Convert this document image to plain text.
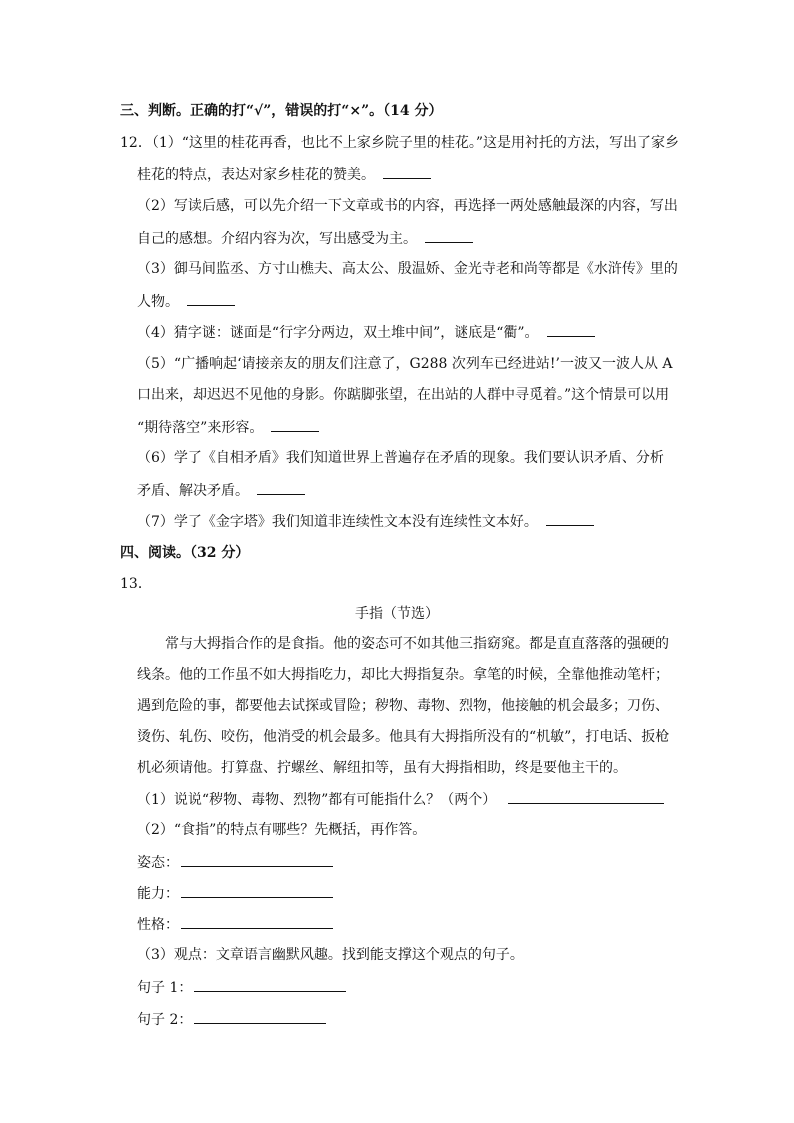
三、判断。正确的打“√”，错误的打“×”。（14 分）
12．（1）“这里的桂花再香，也比不上家乡院子里的桂花。”这是用衬托的方法，写出了家乡
桂花的特点，表达对家乡桂花的赞美。
（2）写读后感，可以先介绍一下文章或书的内容，再选择一两处感触最深的内容，写出
自己的感想。介绍内容为次，写出感受为主。
（3）御马间监丞、方寸山樵夫、高太公、殷温娇、金光寺老和尚等都是《水浒传》里的
人物。
（4）猜字谜：谜面是“行字分两边，双土堆中间”，谜底是“衢”。
（5）“广播响起‘请接亲友的朋友们注意了，G288 次列车已经进站!’一波又一波人从 A
口出来，却迟迟不见他的身影。你踮脚张望，在出站的人群中寻觅着。”这个情景可以用
“期待落空”来形容。
（6）学了《自相矛盾》我们知道世界上普遍存在矛盾的现象。我们要认识矛盾、分析
矛盾、解决矛盾。
（7）学了《金字塔》我们知道非连续性文本没有连续性文本好。
四、阅读。（32 分）
13．
手指（节选）
常与大拇指合作的是食指。他的姿态可不如其他三指窈窕。都是直直落落的强硬的
线条。他的工作虽不如大拇指吃力，却比大拇指复杂。拿笔的时候，全靠他推动笔杆；
遇到危险的事，都要他去试探或冒险；秽物、毒物、烈物，他接触的机会最多；刀伤、
烫伤、轧伤、咬伤，他消受的机会最多。他具有大拇指所没有的“机敏”，打电话、扳枪
机必须请他。打算盘、拧螺丝、解纽扣等，虽有大拇指相助，终是要他主干的。
（1）说说“秽物、毒物、烈物”都有可能指什么？（两个）
（2）“食指”的特点有哪些？先概括，再作答。
姿态：
能力：
性格：
（3）观点：文章语言幽默风趣。找到能支撑这个观点的句子。
句子 1：
句子 2：
